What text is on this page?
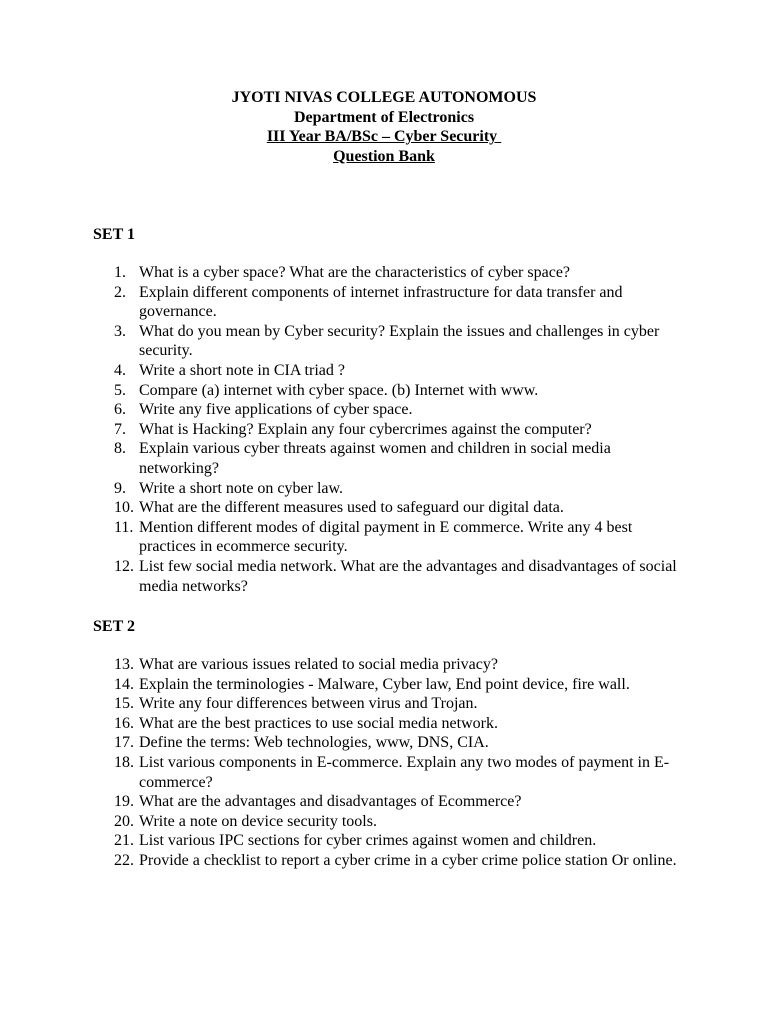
JYOTI NIVAS COLLEGE AUTONOMOUS
Department of Electronics
III Year BA/BSc – Cyber Security
Question Bank
SET 1
1. What is a cyber space? What are the characteristics of cyber space?
2. Explain different components of internet infrastructure for data transfer and governance.
3. What do you mean by Cyber security? Explain the issues and challenges in cyber security.
4. Write a short note in CIA triad ?
5. Compare (a) internet with cyber space. (b) Internet with www.
6. Write any five applications of cyber space.
7. What is Hacking? Explain any four cybercrimes against the computer?
8. Explain various cyber threats against women and children in social media networking?
9. Write a short note on cyber law.
10. What are the different measures used to safeguard our digital data.
11. Mention different modes of digital payment in E commerce. Write any 4 best practices in ecommerce security.
12. List few social media network. What are the advantages and disadvantages of social media networks?
SET 2
13. What are various issues related to social media privacy?
14. Explain the terminologies - Malware, Cyber law, End point device, fire wall.
15. Write any four differences between virus and Trojan.
16. What are the best practices to use social media network.
17. Define the terms: Web technologies, www, DNS, CIA.
18. List various components in E-commerce. Explain any two modes of payment in E-commerce?
19. What are the advantages and disadvantages of Ecommerce?
20. Write a note on device security tools.
21. List various IPC sections for cyber crimes against women and children.
22. Provide a checklist to report a cyber crime in a cyber crime police station Or online.
